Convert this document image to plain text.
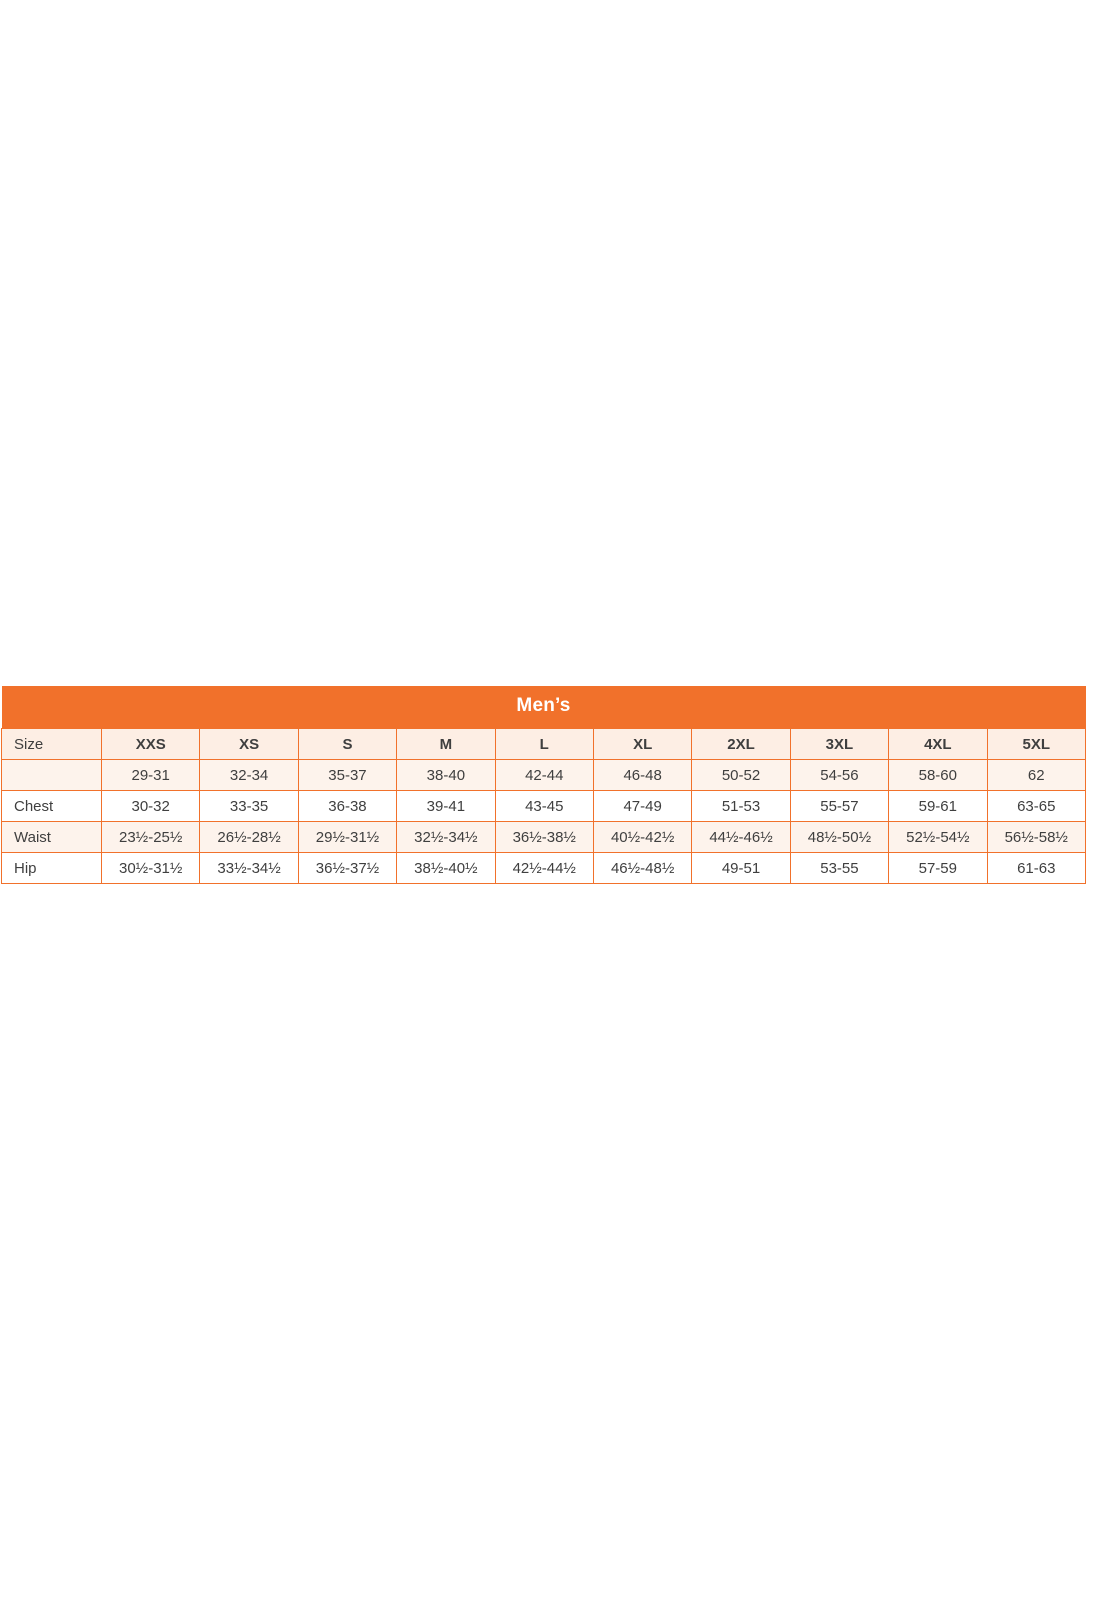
Men’s										
Size	XXS	XS	S	M	L	XL	2XL	3XL	4XL	5XL
	29-31	32-34	35-37	38-40	42-44	46-48	50-52	54-56	58-60	62
Chest	30-32	33-35	36-38	39-41	43-45	47-49	51-53	55-57	59-61	63-65
Waist	23½-25½	26½-28½	29½-31½	32½-34½	36½-38½	40½-42½	44½-46½	48½-50½	52½-54½	56½-58½
Hip	30½-31½	33½-34½	36½-37½	38½-40½	42½-44½	46½-48½	49-51	53-55	57-59	61-63
